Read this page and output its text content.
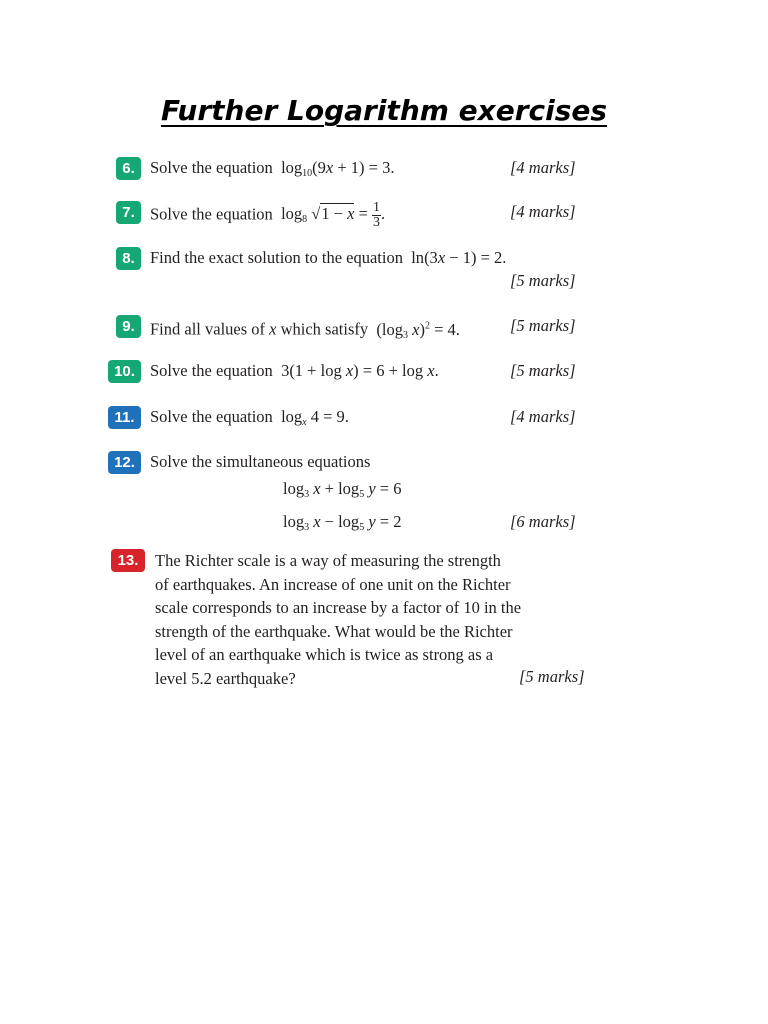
Further Logarithm exercises
6. Solve the equation $\log_{10}(9x + 1) = 3$.	[4 marks]
7. Solve the equation $\log_8 √1 - x = \frac{1}{3}$ .	[4 marks]
8. Find the exact solution to the equation ln(3x − 1) = 2.
[5 marks]
9. Find all values of x which satisfy ($\log_3$ x)$^2$ = 4.	[5 marks]
10. Solve the equation 3(1 + log x) = 6 + log x.	[5 marks]
11. Solve the equation $\log_x 4 = 9$.	[4 marks]
12. Solve the simultaneous equations
$\log_3 x + \log_5 y = 6$
$\log_3 x - \log_5 y = 2$	[6 marks]
13.	The Richter scale is a way of measuring the strength
of earthquakes. An increase of one unit on the Richter
scale corresponds to an increase by a factor of 10 in the
strength of the earthquake. What would be the Richter
level of an earthquake which is twice as strong as a
level 5.2 earthquake?	[5 marks]
